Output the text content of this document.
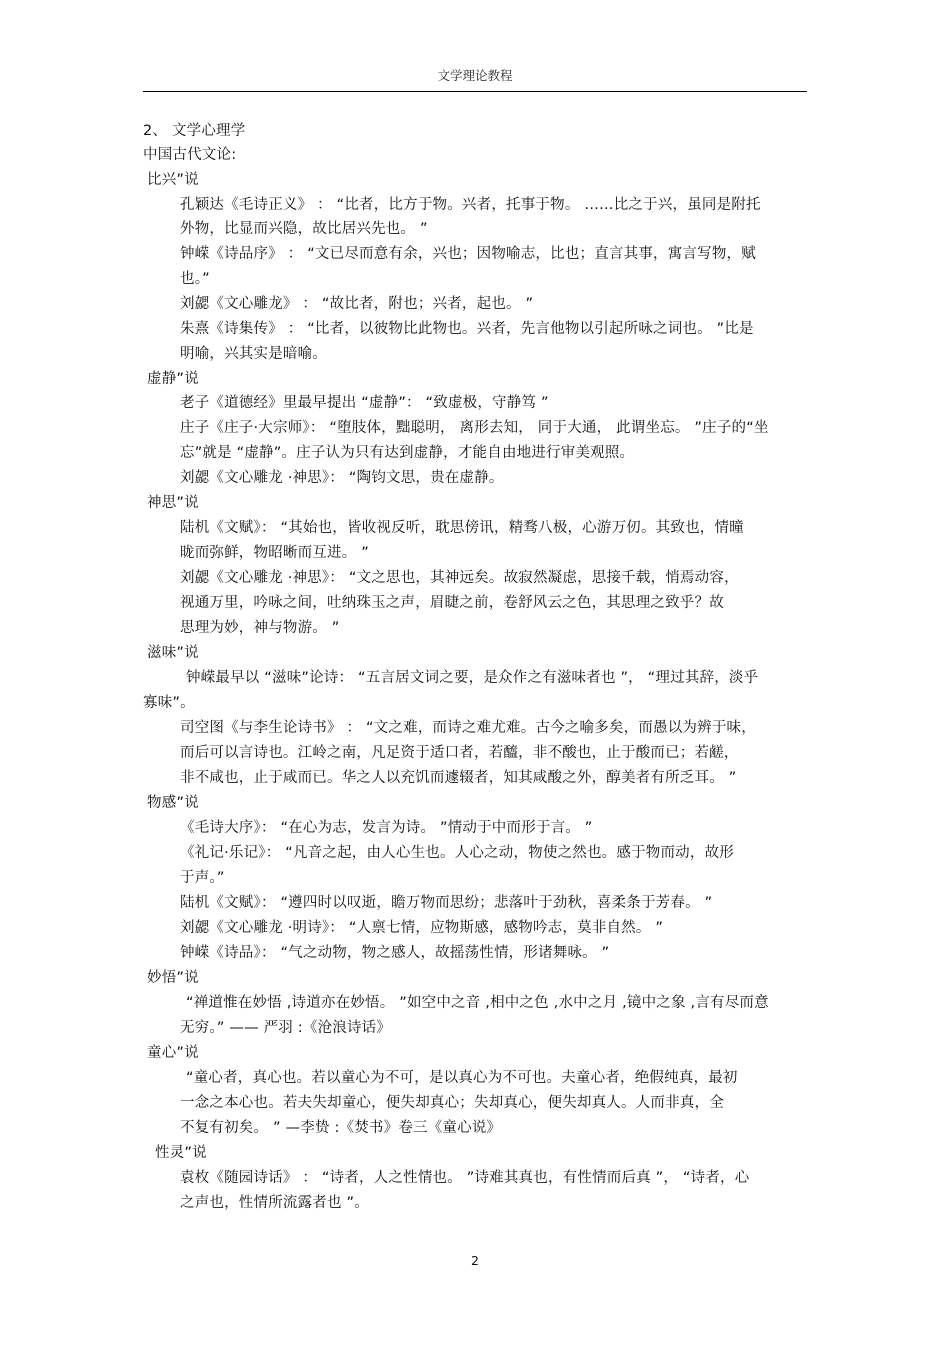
文学理论教程
2、 文学心理学
中国古代文论:
比兴”说
孔颖达《毛诗正义》 ： “比者，比方于物。兴者，托事于物。 ……比之于兴，虽同是附托
外物，比显而兴隐，故比居兴先也。 ”
钟嵘《诗品序》 ： “文已尽而意有余，兴也；因物喻志，比也；直言其事，寓言写物，赋
也。”
刘勰《文心雕龙》 ： “故比者，附也；兴者，起也。 ”
朱熹《诗集传》 ： “比者，以彼物比此物也。兴者，先言他物以引起所咏之词也。 ”比是
明喻，兴其实是暗喻。
虚静”说
老子《道德经》里最早提出 “虚静”： “致虚极，守静笃 ”
庄子《庄子·大宗师》： “堕肢体，黜聪明， 离形去知， 同于大通， 此谓坐忘。 ”庄子的“坐
忘”就是 “虚静”。庄子认为只有达到虚静，才能自由地进行审美观照。
刘勰《文心雕龙 ·神思》： “陶钧文思，贵在虚静。
神思”说
陆机《文赋》： “其始也，皆收视反听，耽思傍讯，精骛八极，心游万仞。其致也，情曈
昽而弥鲜，物昭晰而互进。 ”
刘勰《文心雕龙 ·神思》： “文之思也，其神远矣。故寂然凝虑，思接千载，悄焉动容，
视通万里，吟咏之间，吐纳珠玉之声，眉睫之前，卷舒风云之色，其思理之致乎？故
思理为妙，神与物游。 ”
滋味”说
钟嵘最早以 “滋味”论诗： “五言居文词之要，是众作之有滋味者也 ”， “理过其辞，淡乎
寡味”。
司空图《与李生论诗书》 ： “文之难，而诗之难尤难。古今之喻多矣，而愚以为辨于味，
而后可以言诗也。江岭之南，凡足资于适口者，若醯，非不酸也，止于酸而已；若鹾，
非不咸也，止于咸而已。华之人以充饥而遽辍者，知其咸酸之外，醇美者有所乏耳。 ”
物感”说
《毛诗大序》： “在心为志，发言为诗。 ”情动于中而形于言。 ”
《礼记·乐记》： “凡音之起，由人心生也。人心之动，物使之然也。感于物而动，故形
于声。”
陆机《文赋》： “遵四时以叹逝，瞻万物而思纷；悲落叶于劲秋，喜柔条于芳春。 ”
刘勰《文心雕龙 ·明诗》： “人禀七情，应物斯感，感物吟志，莫非自然。 ”
钟嵘《诗品》： “气之动物，物之感人，故摇荡性情，形诸舞咏。 ”
妙悟”说
“禅道惟在妙悟 ,诗道亦在妙悟。 ”如空中之音 ,相中之色 ,水中之月 ,镜中之象 ,言有尽而意
无穷。” —— 严羽 :《沧浪诗话》
童心”说
“童心者，真心也。若以童心为不可，是以真心为不可也。夫童心者，绝假纯真，最初
一念之本心也。若夫失却童心，便失却真心；失却真心，便失却真人。人而非真，全
不复有初矣。 ” —李贽 :《焚书》卷三《童心说》
性灵”说
袁枚《随园诗话》 ： “诗者，人之性情也。 ”诗难其真也，有性情而后真 ”， “诗者，心
之声也，性情所流露者也 ”。
2
